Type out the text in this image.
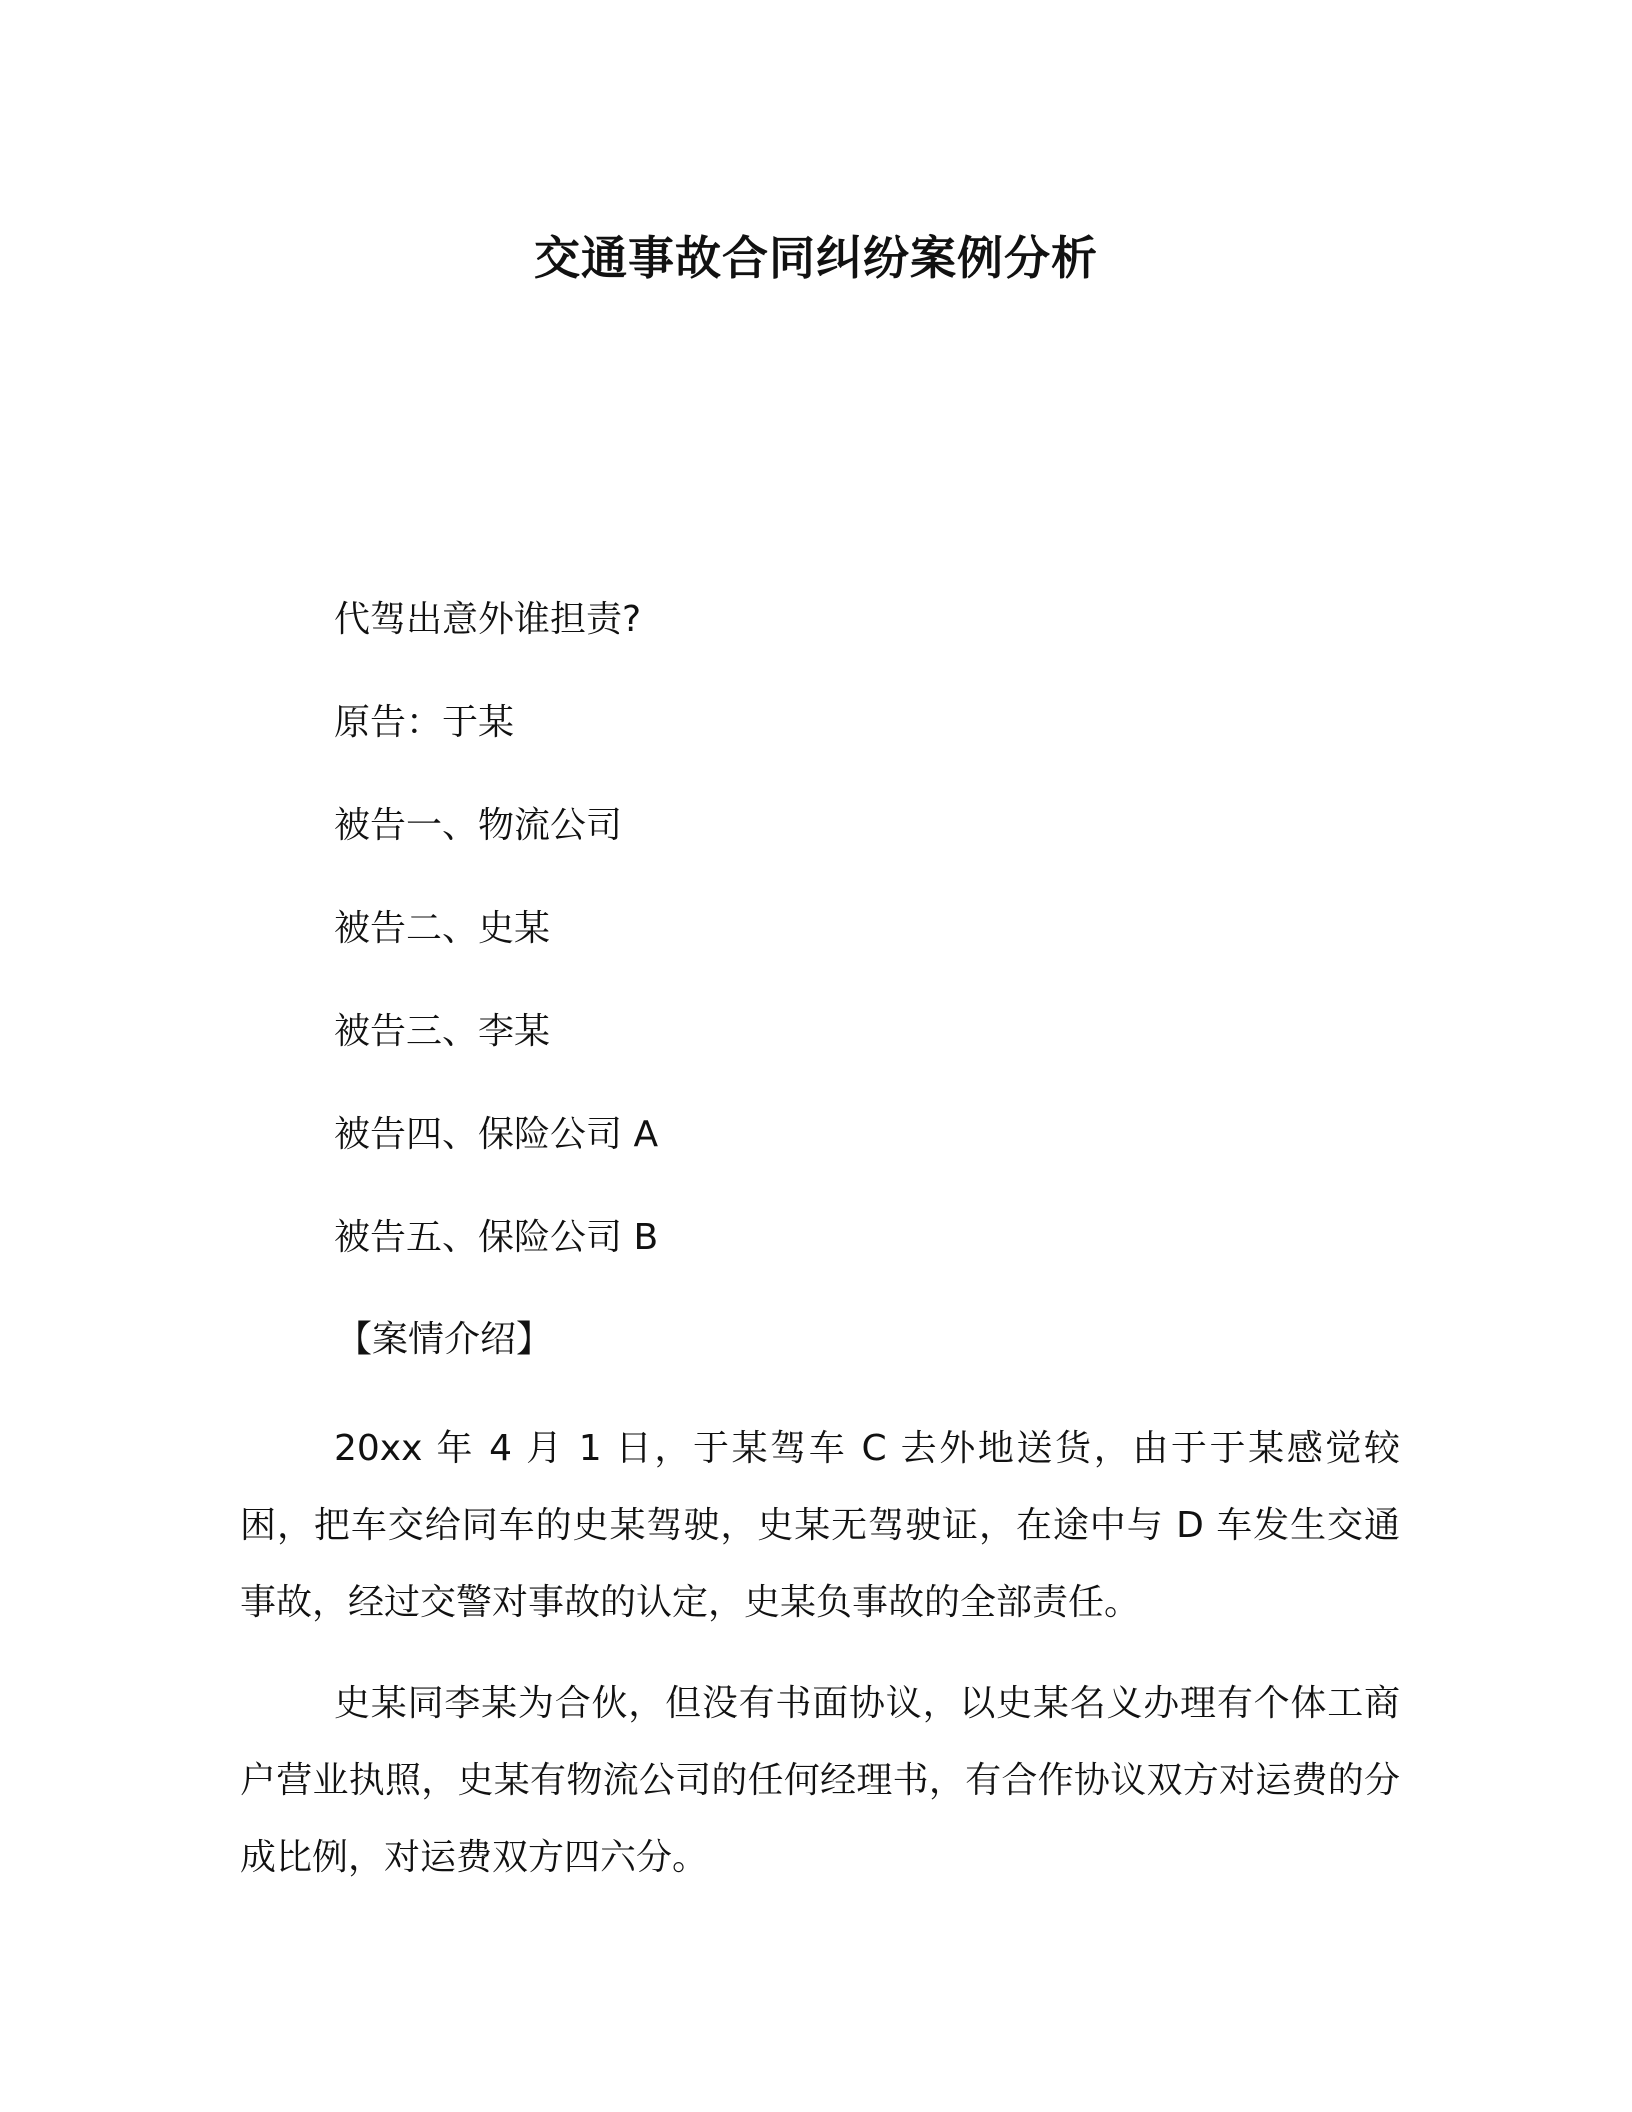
交通事故合同纠纷案例分析

代驾出意外谁担责?

原告：于某

被告一、物流公司

被告二、史某

被告三、李某

被告四、保险公司 A

被告五、保险公司 B

【案情介绍】

20xx 年 4 月 1 日，于某驾车 C 去外地送货，由于于某感觉较困，把车交给同车的史某驾驶，史某无驾驶证，在途中与 D 车发生交通事故，经过交警对事故的认定，史某负事故的全部责任。

史某同李某为合伙，但没有书面协议，以史某名义办理有个体工商户营业执照，史某有物流公司的任何经理书，有合作协议双方对运费的分成比例，对运费双方四六分。
